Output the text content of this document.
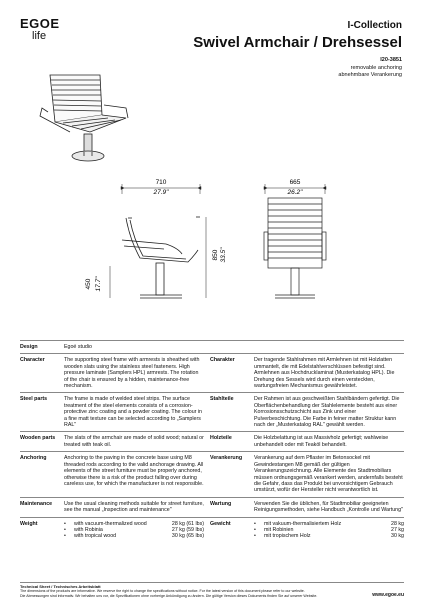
EGOE
life
I-Collection
Swivel Armchair / Drehsessel
I20-3851
removable anchoring
abnehmbare Verankerung
710
27.9"
850 33.5"
450 17.7"
665
26.2"
Design	Egoé studio
Character	The supporting steel frame with armrests is sheathed with wooden slats using the stainless steel fasteners. High pressure laminate (Samplers HPL) armrests. The rotation of the chair is ensured by a hidden, maintenance-free mechanism.
Charakter	Der tragende Stahlrahmen mit Armlehnen ist mit Holzlatten ummantelt, die mit Edelstahlverschlüssen befestigt sind. Armlehnen aus Hochdrucklaminat (Musterkatalog HPL). Die Drehung des Sessels wird durch einen versteckten, wartungsfreien Mechanismus gewährleistet.
Steel parts	The frame is made of welded steel strips. The surface treatment of the steel elements consists of a corrosion-protective zinc coating and a powder coating. The colour in a fine matt texture can be selected according to „Samplers RAL"
Stahlteile	Der Rahmen ist aus geschweißten Stahlbändern gefertigt. Die Oberflächenbehandlung der Stahlelemente besteht aus einer Korrosionsschutzschicht aus Zink und einer Pulverbeschichtung. Die Farbe in feiner matter Struktur kann nach der „Musterkatalog RAL" gewählt werden.
Wooden parts	The slats of the armchair are made of solid wood; natural or treated with teak oil.
Holzteile	Die Holzbelattung ist aus Massivholz gefertigt; wahlweise unbehandelt oder mit Teaköl behandelt.
Anchoring	Anchoring to the paving in the concrete base using M8 threaded rods according to the valid anchorage drawing. All elements of the street furniture must be properly anchored, otherwise there is a risk of the product falling over during careless use, for which the manufacturer is not responsible.
Verankerung	Verankerung auf dem Pflaster im Betonsockel mit Gewindestangen M8 gemäß der gültigen Verankerungszeichnung. Alle Elemente des Stadtmobiliars müssen ordnungsgemäß verankert werden, andernfalls besteht die Gefahr, dass das Produkt bei unvorsichtigem Gebrauch umstürzt, wofür der Hersteller nicht verantwortlich ist.
Maintenance	Use the usual cleaning methods suitable for street furniture, see the manual „Inspection and maintenance"
Wartung	Verwenden Sie die üblichen, für Stadtmobiliar geeigneten Reinigungsmethoden, siehe Handbuch „Kontrolle und Wartung"
Weight	•	with vacuum-thermalized wood	28 kg (61 lbs)
•	with Robinia	27 kg (59 lbs)
•	with tropical wood	30 kg (65 lbs)
Gewicht	•	mit vakuum-thermalisiertem Holz	28 kg
•	mit Robinien	27 kg
•	mit tropischem Holz	30 kg
Technical Sheet / Technisches Arbeitsblatt
The dimensions of the products are informative. We reserve the right to change the specifications without notice. For the latest version of this document please refer to our website.
Die Abmessungen sind informativ. Wir behalten uns vor, die Spezifikationen ohne vorherige Ankündigung zu ändern. Die gültige Version dieses Dokuments finden Sie auf unserer Website.	www.egoe.eu
